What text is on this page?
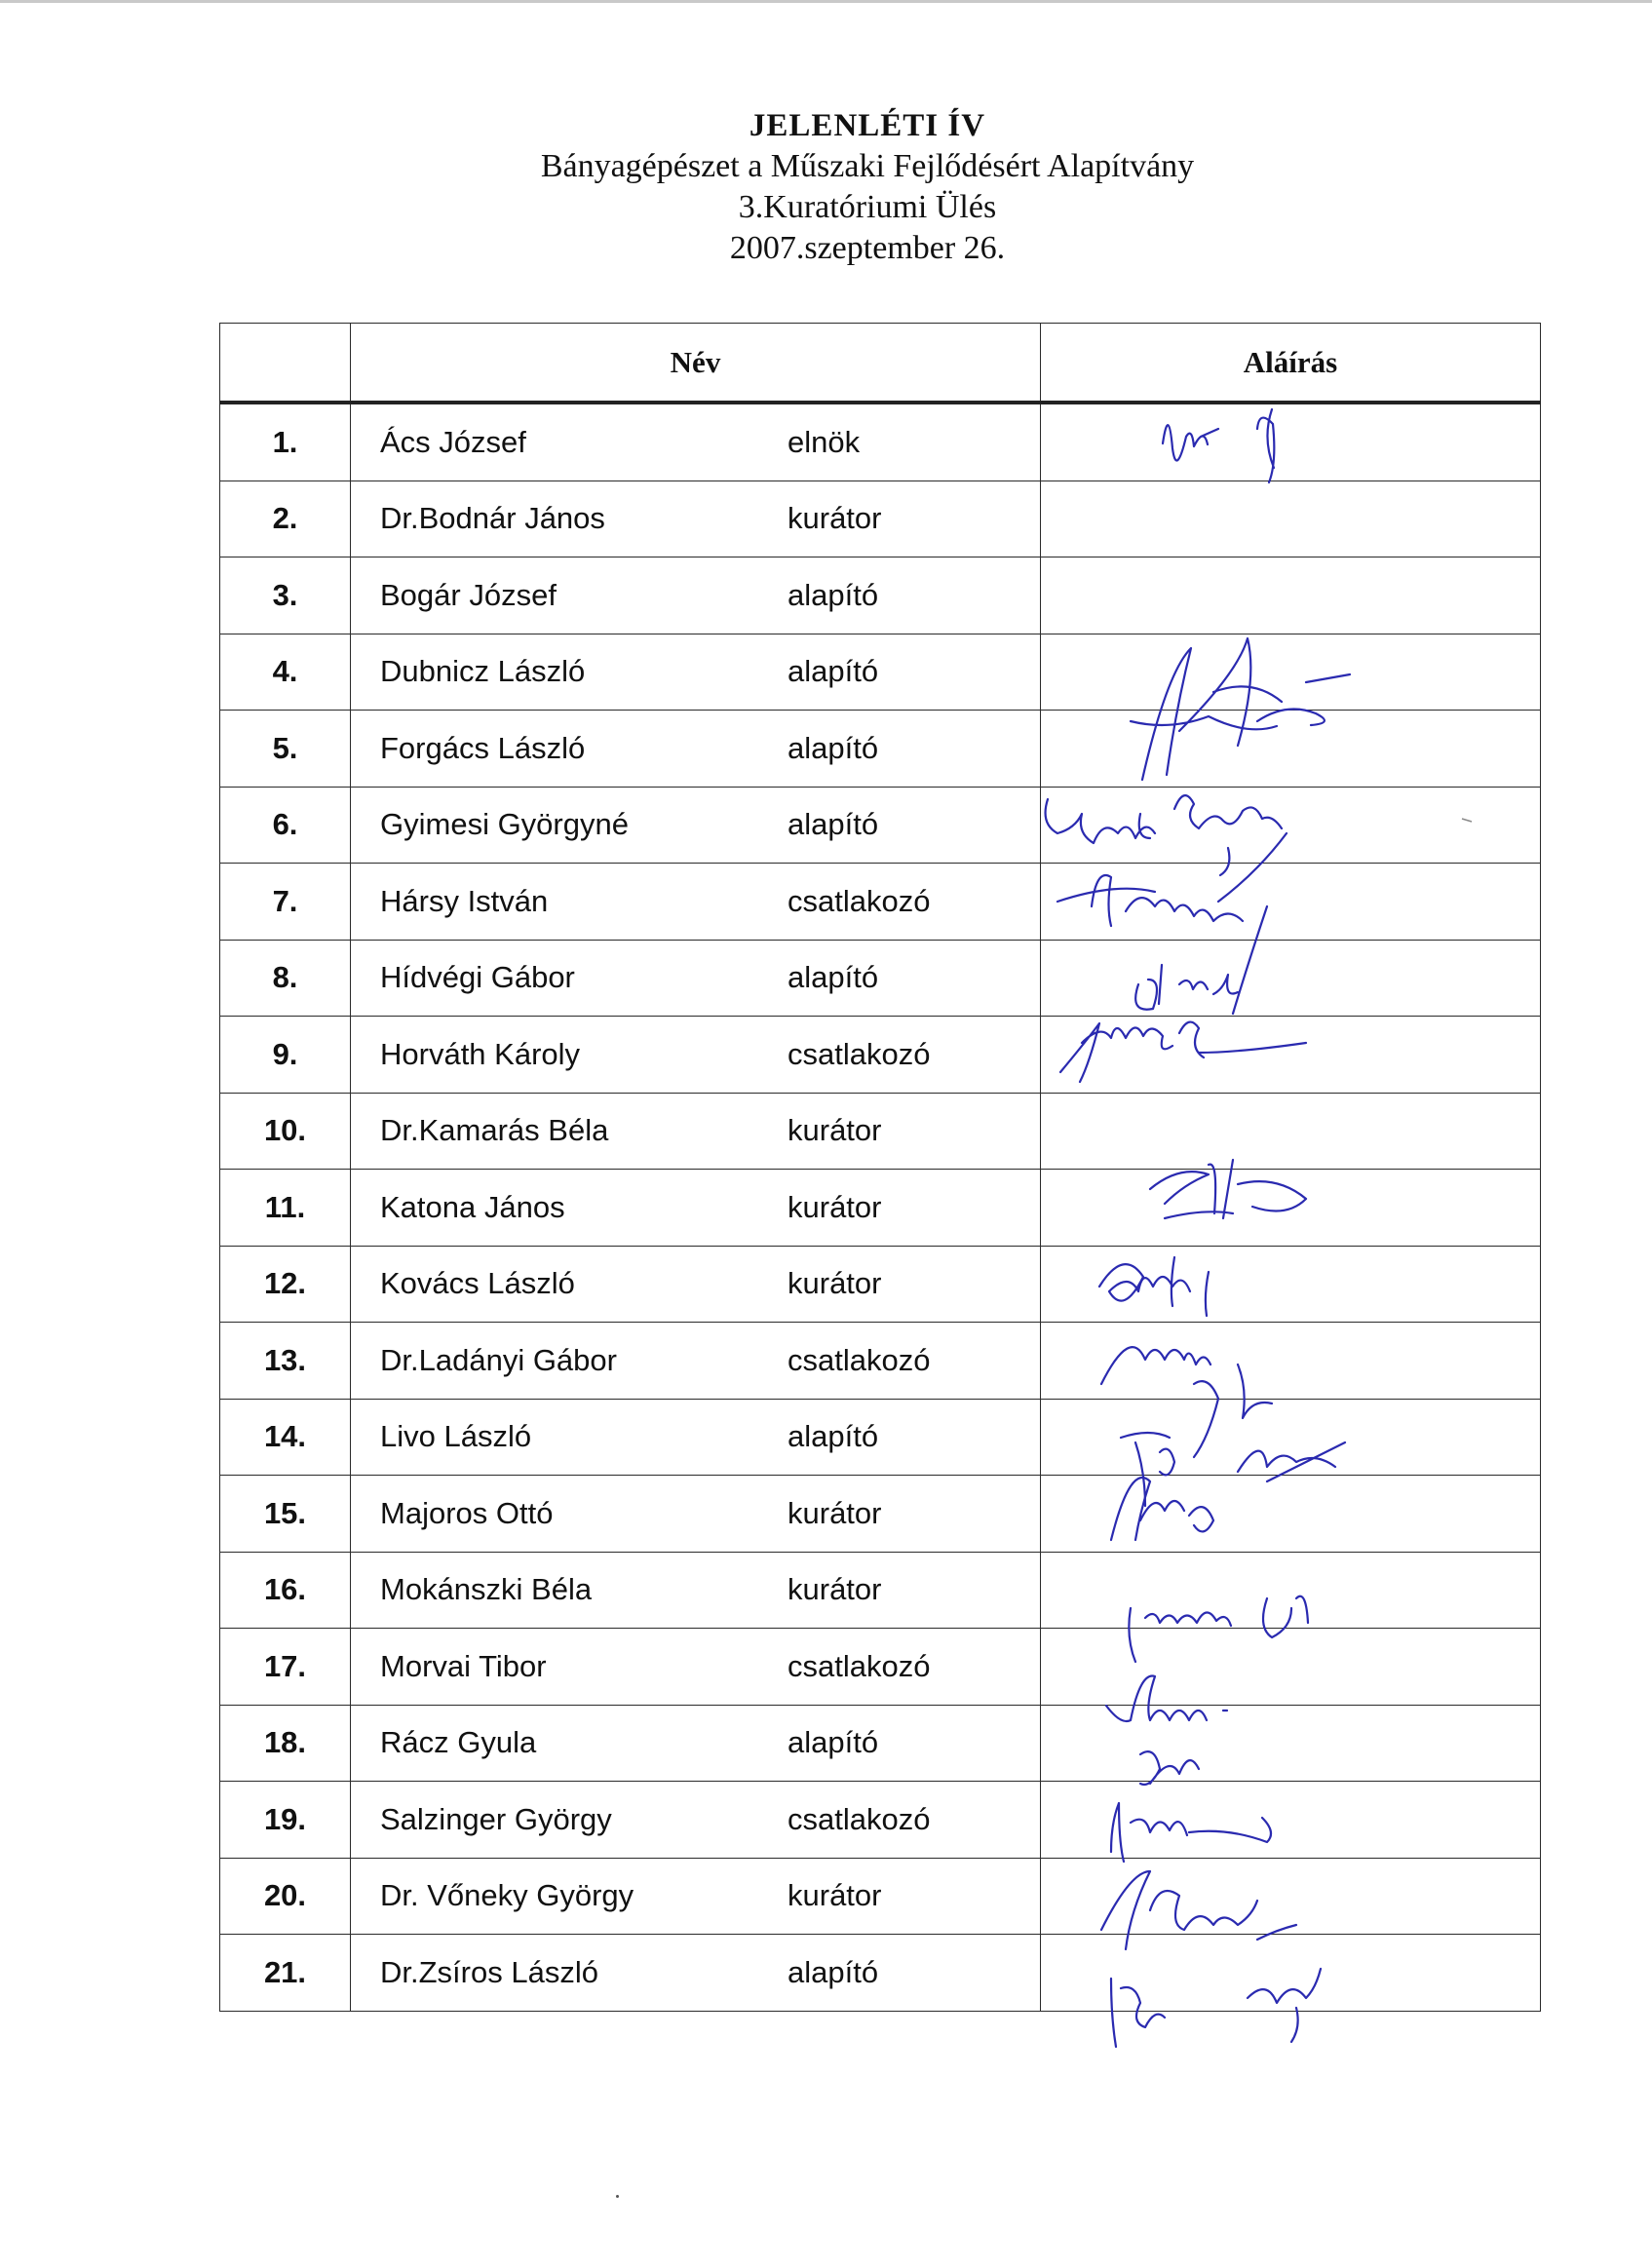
JELENLÉTI ÍV
Bányagépészet a Műszaki Fejlődésért Alapítvány
3.Kuratóriumi Ülés
2007.szeptember 26.
	Név	Aláírás
1.	Ács József elnök	

2.	Dr.Bodnár János kurátor	

3.	Bogár József alapító	

4.	Dubnicz László alapító	

5.	Forgács László alapító	

6.	Gyimesi Györgyné alapító	

7.	Hársy István csatlakozó	

8.	Hídvégi Gábor alapító	

9.	Horváth Károly csatlakozó	

10.	Dr.Kamarás Béla kurátor	

11.	Katona János kurátor	

12.	Kovács László kurátor	

13.	Dr.Ladányi Gábor csatlakozó	

14.	Livo László alapító	

15.	Majoros Ottó kurátor	

16.	Mokánszki Béla kurátor	

17.	Morvai Tibor csatlakozó	

18.	Rácz Gyula alapító	

19.	Salzinger György csatlakozó	

20.	Dr. Vőneky György kurátor	

21.	Dr.Zsíros László alapító	
